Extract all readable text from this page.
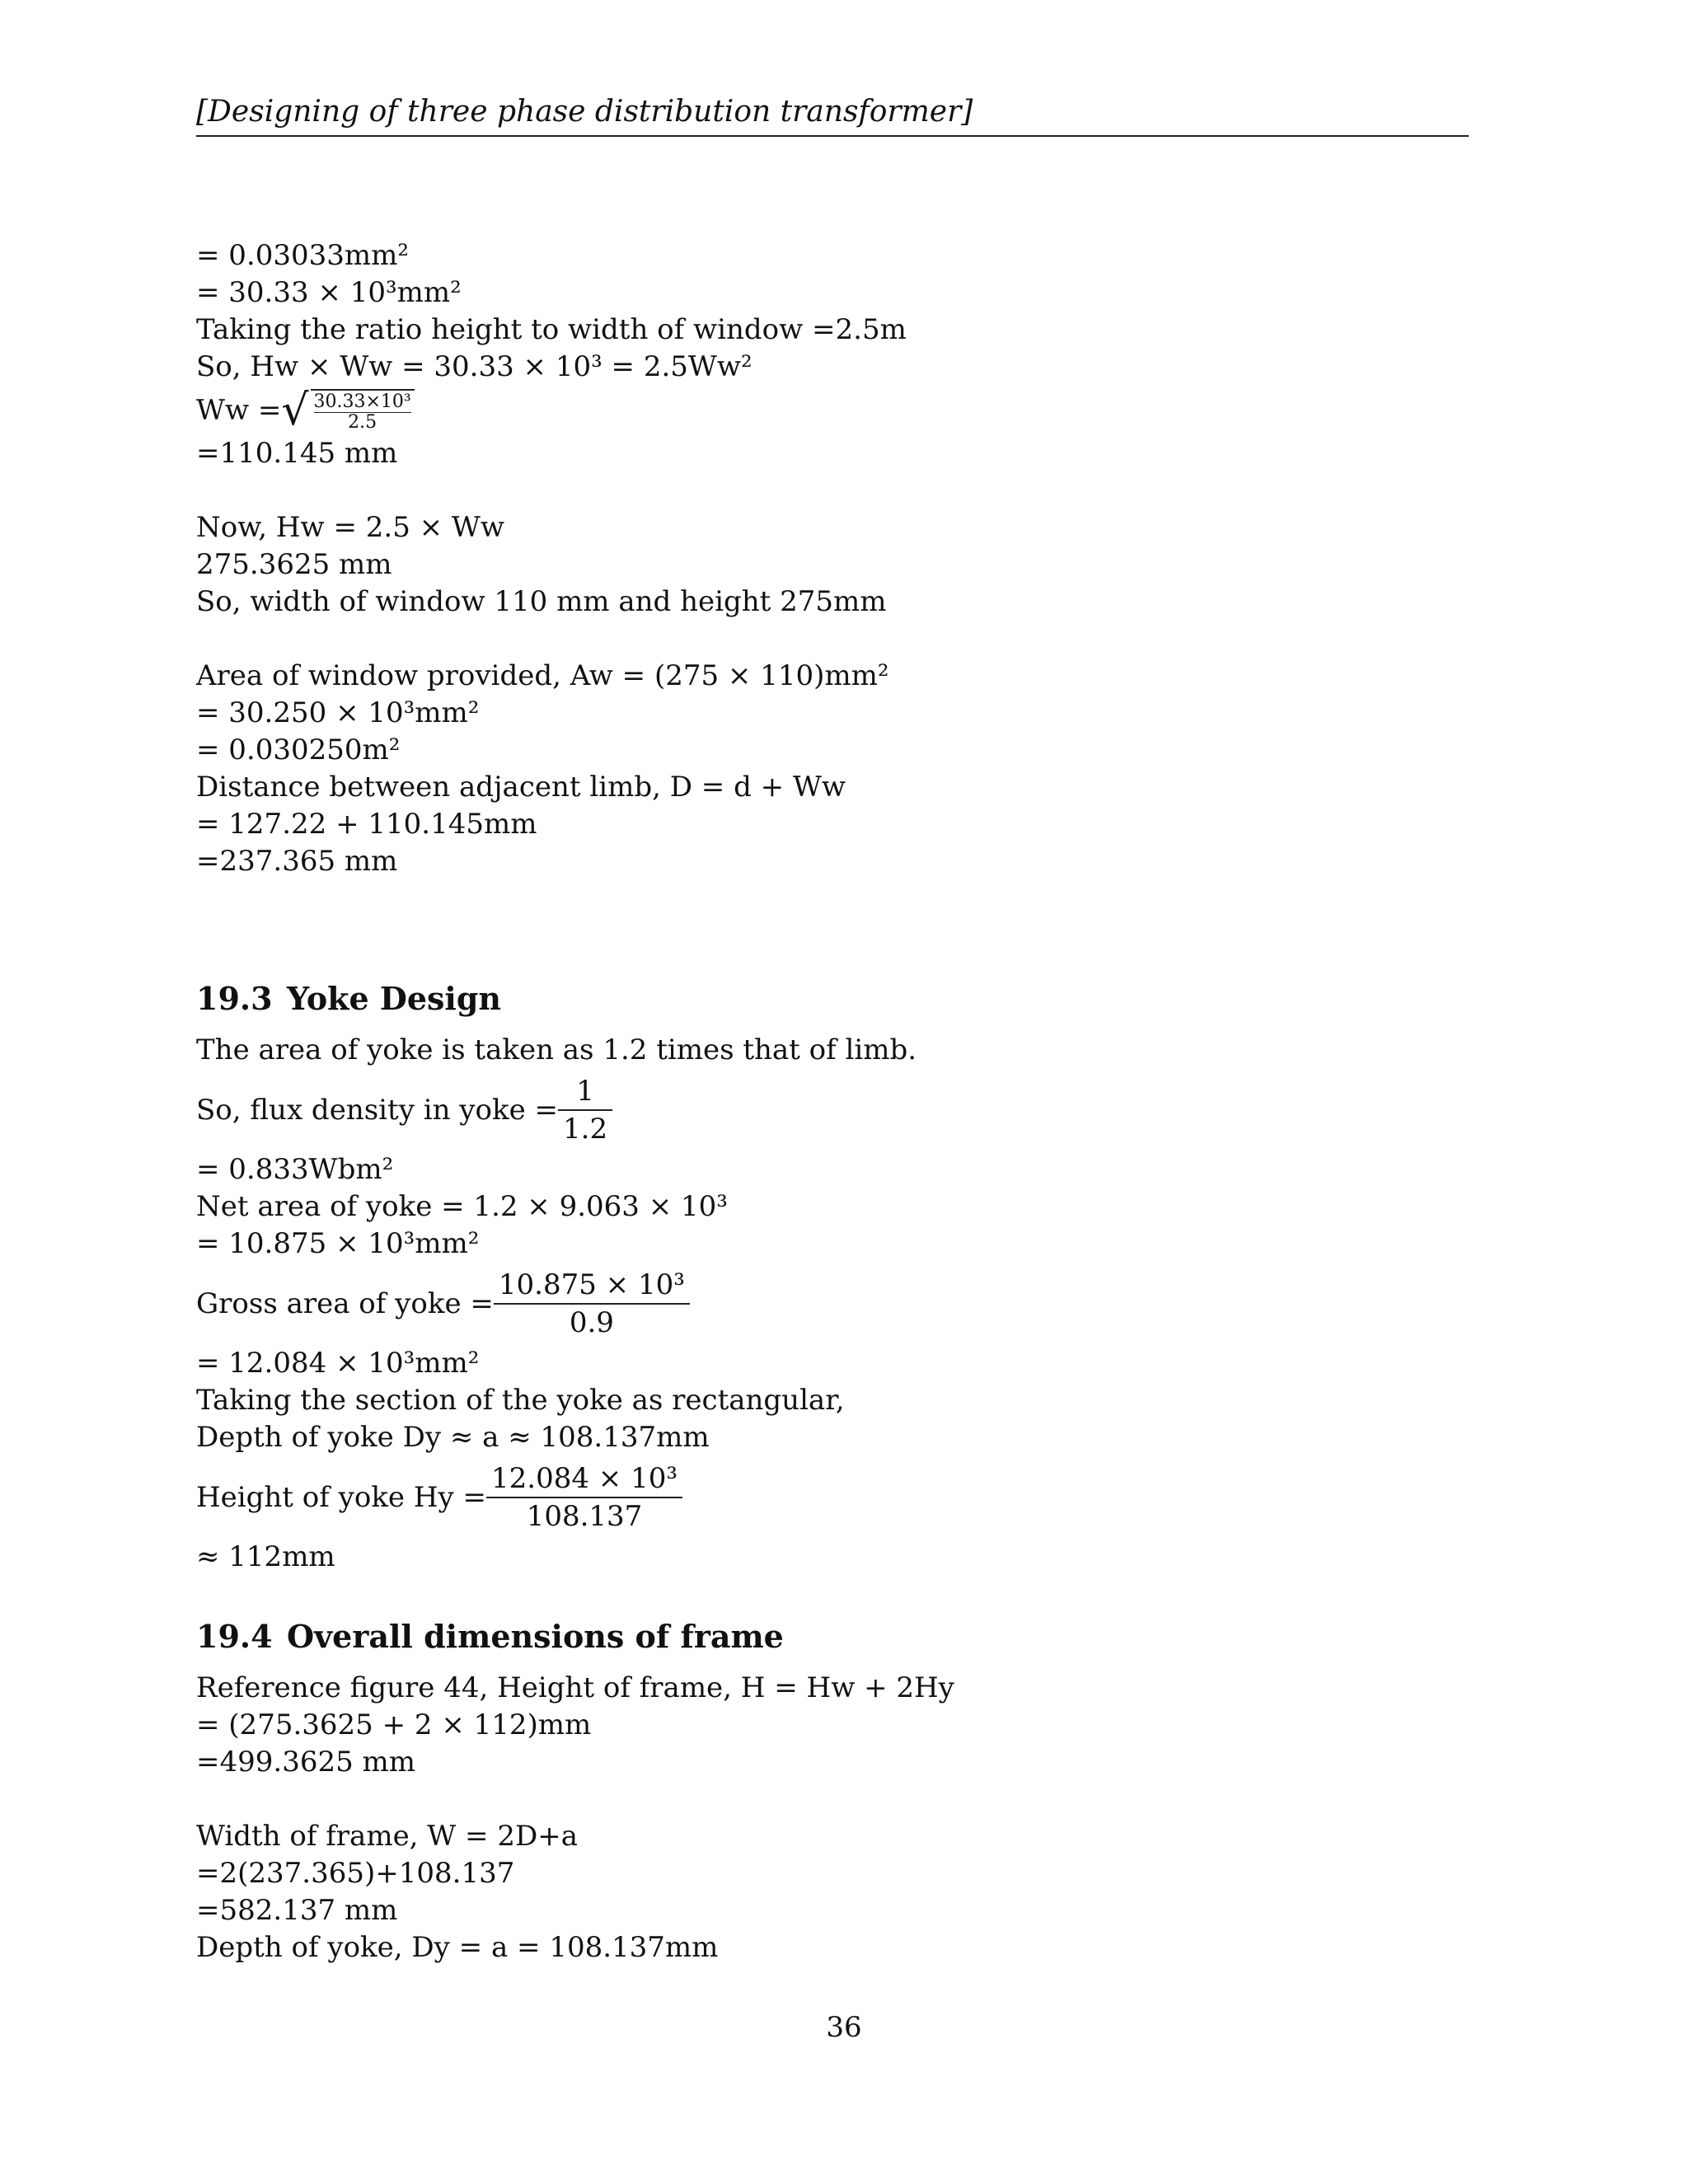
[Designing of three phase distribution transformer]
= 0.03033mm²
= 30.33 × 10³mm²
Taking the ratio height to width of window =2.5m
So, Hw × Ww = 30.33 × 10³ = 2.5Ww²
Ww = √ $\frac{\text{30.33×10³}}{2.5}$
=110.145 mm
Now, Hw = 2.5 × Ww
275.3625 mm
So, width of window 110 mm and height 275mm
Area of window provided, Aw = (275 × 110)mm²
= 30.250 × 10³mm²
= 0.030250m²
Distance between adjacent limb, D = d + Ww
= 127.22 + 110.145mm
=237.365 mm
19.3 Yoke Design
The area of yoke is taken as 1.2 times that of limb.
So, flux density in yoke = $\frac{1}{1.2}$
= 0.833Wbm²
Net area of yoke = 1.2 × 9.063 × 10³
= 10.875 × 10³mm²
Gross area of yoke = $\frac{\text{10.875 × 10³}}{0.9}$
= 12.084 × 10³mm²
Taking the section of the yoke as rectangular,
Depth of yoke Dy ≈ a ≈ 108.137mm
Height of yoke $Hy = \frac{\text{12.084 × 10³}}{108.137}$
≈ 112mm
19.4 Overall dimensions of frame
Reference figure 44, Height of frame, H = Hw + 2Hy
= (275.3625 + 2 × 112)mm
=499.3625 mm
Width of frame, W = 2D+a
=2(237.365)+108.137
=582.137 mm
Depth of yoke, Dy = a = 108.137mm
36
